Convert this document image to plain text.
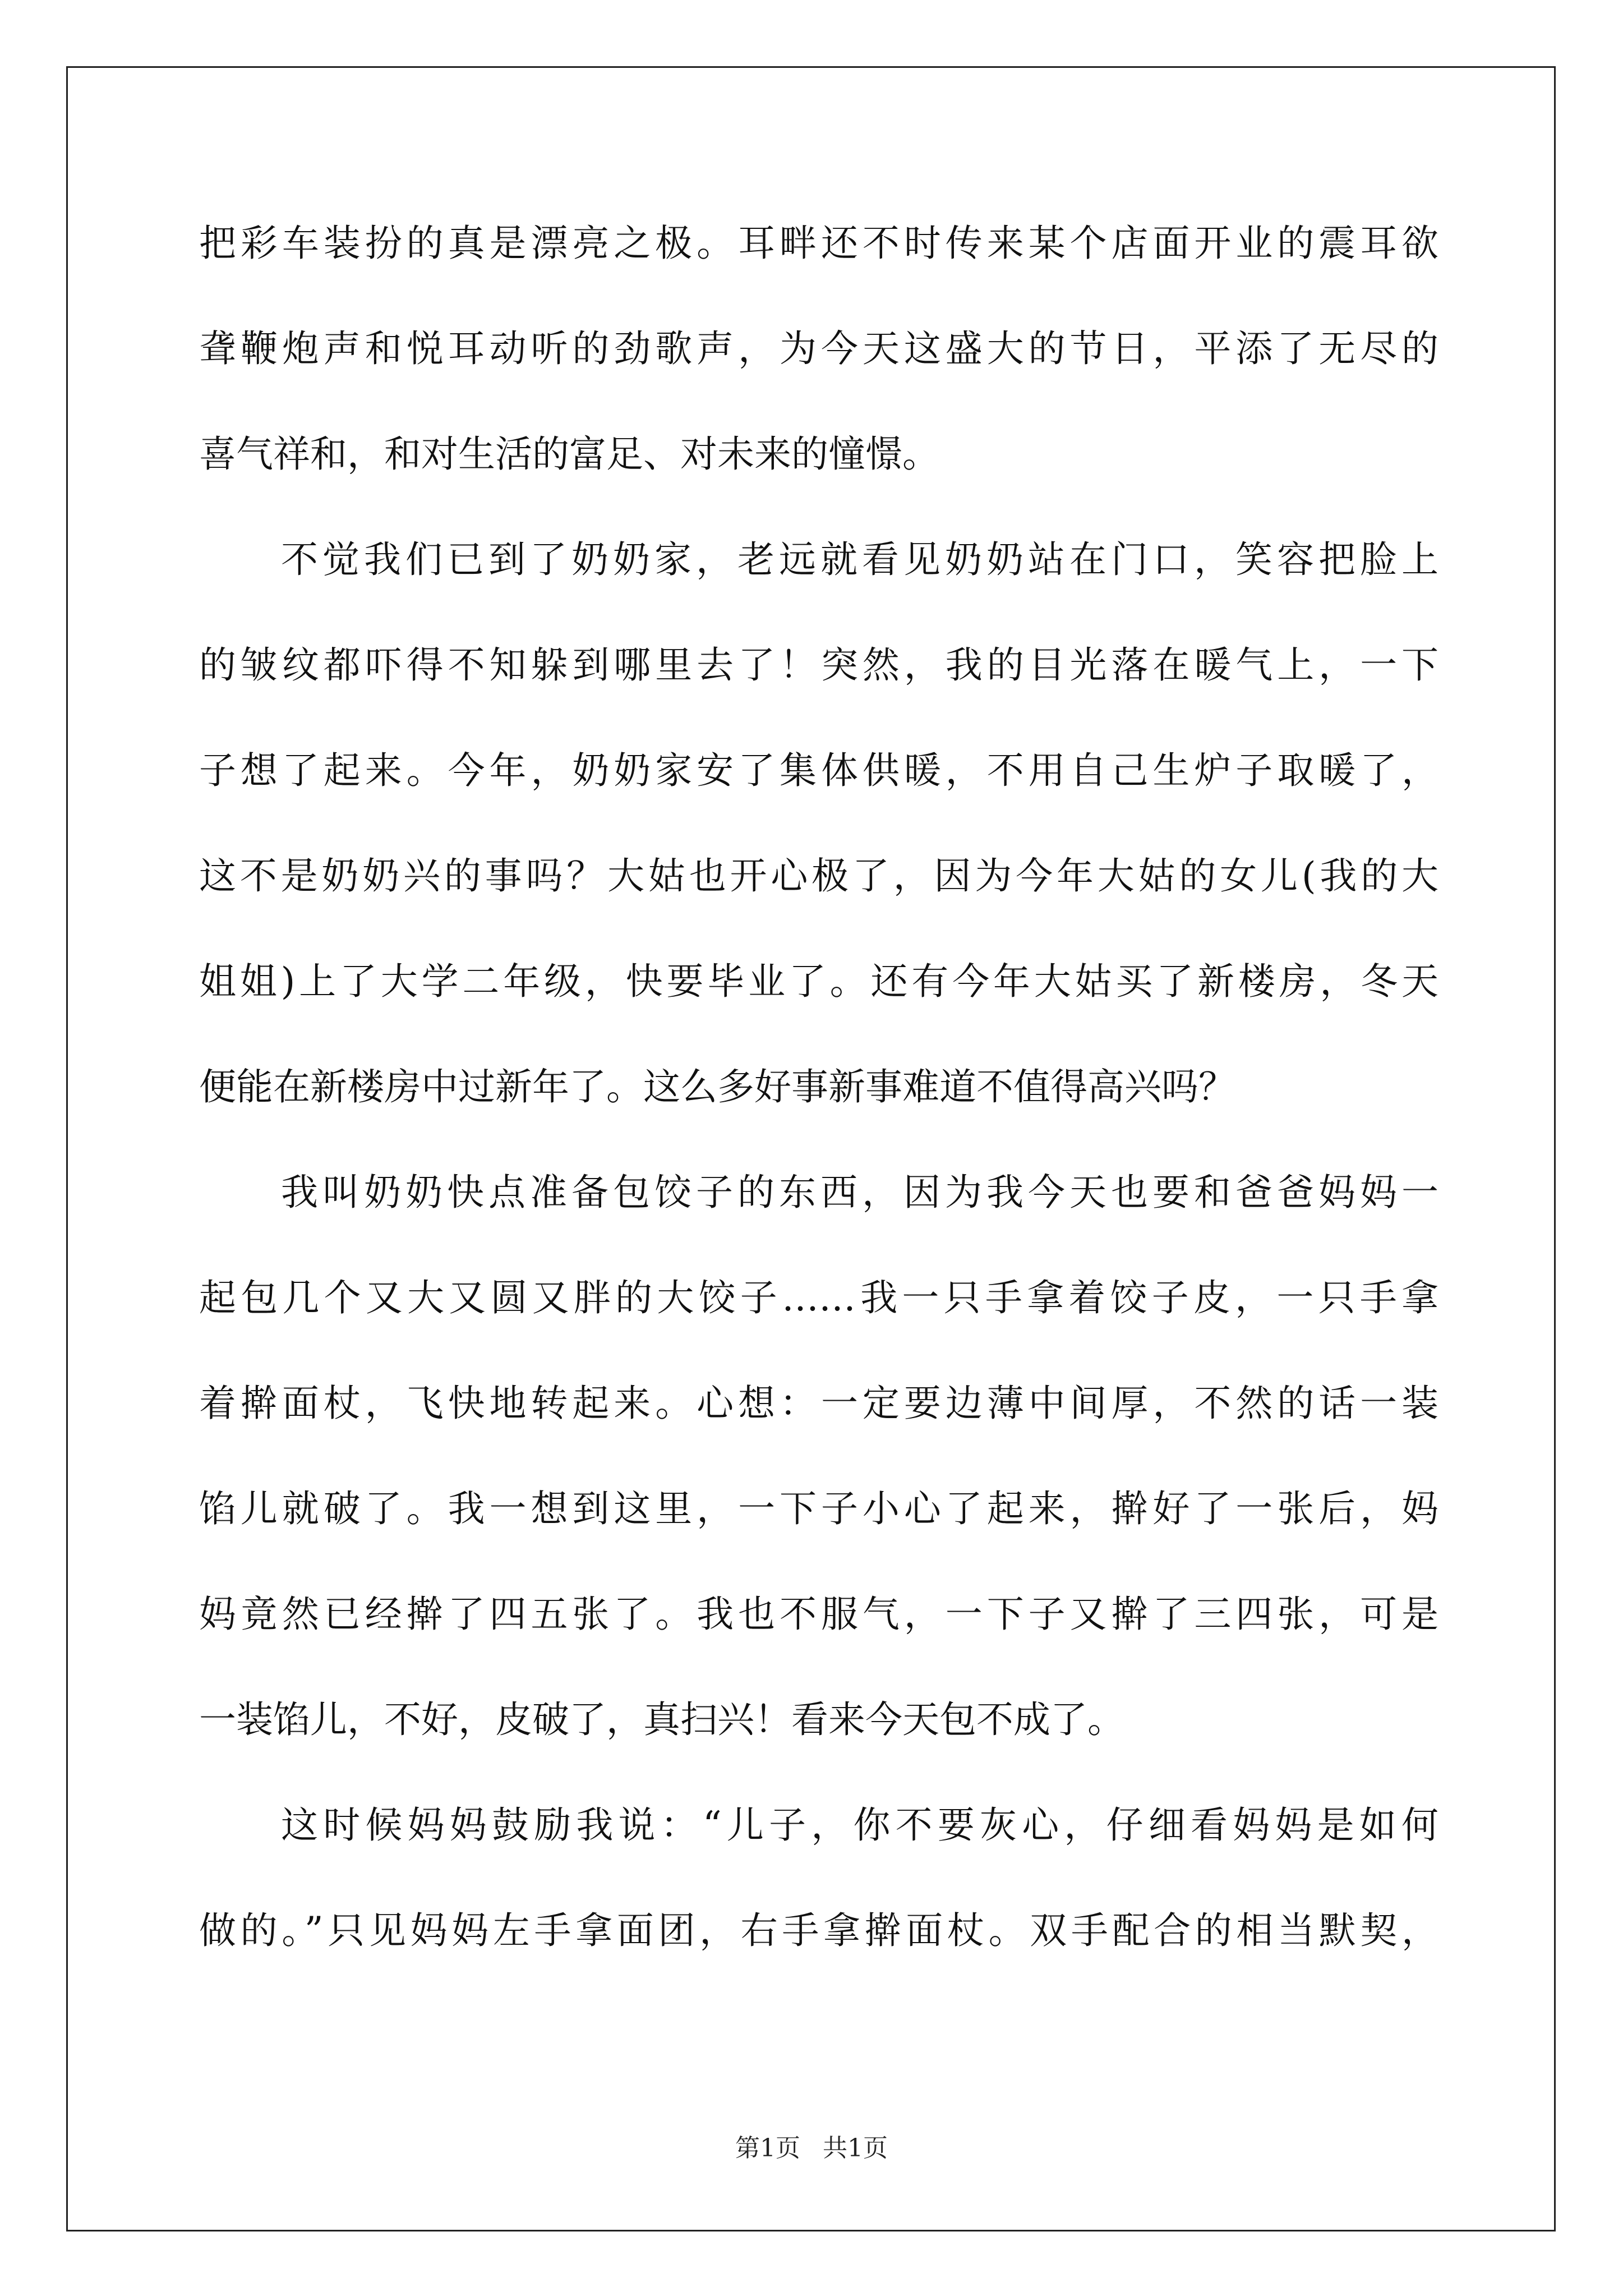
把彩车装扮的真是漂亮之极。耳畔还不时传来某个店面开业的震耳欲
聋鞭炮声和悦耳动听的劲歌声，为今天这盛大的节日，平添了无尽的
喜气祥和，和对生活的富足、对未来的憧憬。
不觉我们已到了奶奶家，老远就看见奶奶站在门口，笑容把脸上
的皱纹都吓得不知躲到哪里去了！突然，我的目光落在暖气上，一下
子想了起来。今年，奶奶家安了集体供暖，不用自己生炉子取暖了，
这不是奶奶兴的事吗？大姑也开心极了，因为今年大姑的女儿(我的大
姐姐)上了大学二年级，快要毕业了。还有今年大姑买了新楼房，冬天
便能在新楼房中过新年了。这么多好事新事难道不值得高兴吗？
我叫奶奶快点准备包饺子的东西，因为我今天也要和爸爸妈妈一
起包几个又大又圆又胖的大饺子……我一只手拿着饺子皮，一只手拿
着擀面杖，飞快地转起来。心想：一定要边薄中间厚，不然的话一装
馅儿就破了。我一想到这里，一下子小心了起来，擀好了一张后，妈
妈竟然已经擀了四五张了。我也不服气，一下子又擀了三四张，可是
一装馅儿，不好，皮破了，真扫兴！看来今天包不成了。
这时候妈妈鼓励我说：“儿子，你不要灰心，仔细看妈妈是如何
做的。”只见妈妈左手拿面团，右手拿擀面杖。双手配合的相当默契，
第1页 共1页
